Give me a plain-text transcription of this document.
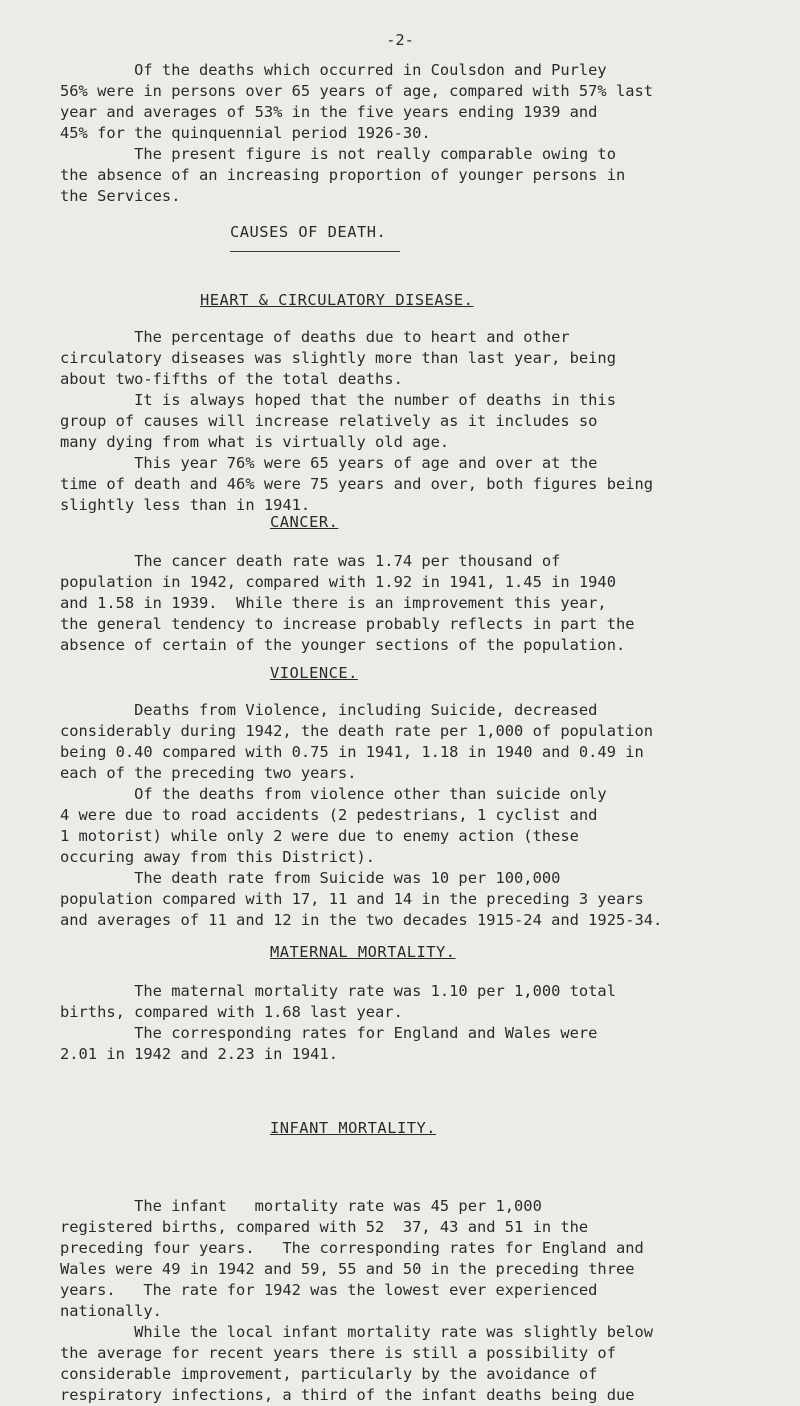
-2-

Of the deaths which occurred in Coulsdon and Purley

56% were in persons over 65 years of age, compared with 57% last

year and averages of 53% in the five years ending 1939 and

45% for the quinquennial period 1926-30.

The present figure is not really comparable owing to

the absence of an increasing proportion of younger persons in

the Services.

CAUSES OF DEATH.
HEART & CIRCULATORY DISEASE.

The percentage of deaths due to heart and other

circulatory diseases was slightly more than last year, being

about two-fifths of the total deaths.

It is always hoped that the number of deaths in this

group of causes will increase relatively as it includes so

many dying from what is virtually old age.

This year 76% were 65 years of age and over at the

time of death and 46% were 75 years and over, both figures being

slightly less than in 1941.

CANCER.

The cancer death rate was 1.74 per thousand of

population in 1942, compared with 1.92 in 1941, 1.45 in 1940

and 1.58 in 1939.  While there is an improvement this year,

the general tendency to increase probably reflects in part the

absence of certain of the younger sections of the population.

VIOLENCE.

Deaths from Violence, including Suicide, decreased

considerably during 1942, the death rate per 1,000 of population

being 0.40 compared with 0.75 in 1941, 1.18 in 1940 and 0.49 in

each of the preceding two years.

Of the deaths from violence other than suicide only

4 were due to road accidents (2 pedestrians, 1 cyclist and

1 motorist) while only 2 were due to enemy action (these

occuring away from this District).

The death rate from Suicide was 10 per 100,000

population compared with 17, 11 and 14 in the preceding 3 years

and averages of 11 and 12 in the two decades 1915-24 and 1925-34.

MATERNAL MORTALITY.

The maternal mortality rate was 1.10 per 1,000 total

births, compared with 1.68 last year.

The corresponding rates for England and Wales were

2.01 in 1942 and 2.23 in 1941.

INFANT MORTALITY.

The infant   mortality rate was 45 per 1,000

registered births, compared with 52  37, 43 and 51 in the

preceding four years.   The corresponding rates for England and

Wales were 49 in 1942 and 59, 55 and 50 in the preceding three

years.   The rate for 1942 was the lowest ever experienced

nationally.

While the local infant mortality rate was slightly below

the average for recent years there is still a possibility of

considerable improvement, particularly by the avoidance of

respiratory infections, a third of the infant deaths being due
